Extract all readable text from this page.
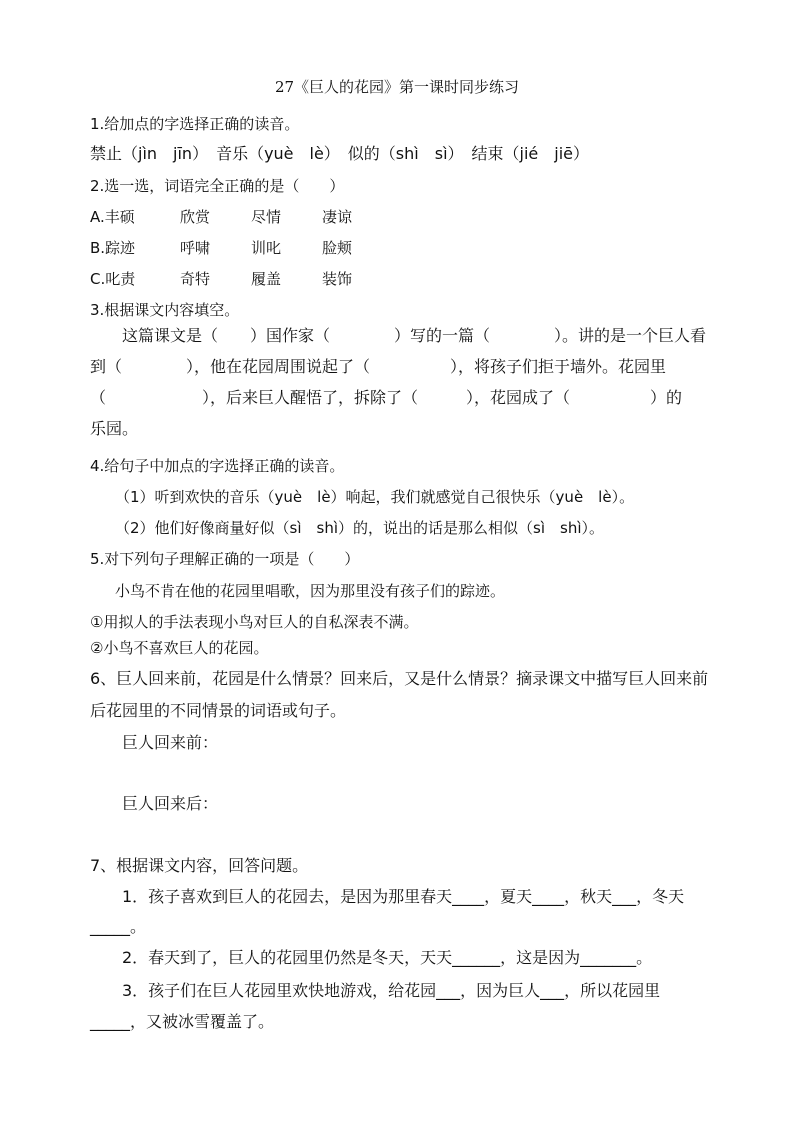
27《巨人的花园》第一课时同步练习

1.给加点的字选择正确的读音。

禁止（jìn　jīn）　音乐（yuè　lè）　似的（shì　sì）　结束（jié　jiē）

2.选一选，词语完全正确的是（　　）

A.丰硕	欣赏	尽情	凄谅

B.踪迹	呼啸	训叱	脸颊

C.叱责	奇特	履盖	装饰

3.根据课文内容填空。

　　这篇课文是（　　）国作家（　　　　）写的一篇（　　　　）。讲的是一个巨人看

到（　　　　），他在花园周围说起了（　　　　　），将孩子们拒于墙外。花园里

（　　　　　　），后来巨人醒悟了，拆除了（　　　），花园成了（　　　　　）的

乐园。

4.给句子中加点的字选择正确的读音。

（1）听到欢快的音乐（yuè　lè）响起，我们就感觉自己很快乐（yuè　lè）。

（2）他们好像商量好似（sì　shì）的，说出的话是那么相似（sì　shì）。

5.对下列句子理解正确的一项是（　　）

小鸟不肯在他的花园里唱歌，因为那里没有孩子们的踪迹。

①用拟人的手法表现小鸟对巨人的自私深表不满。

②小鸟不喜欢巨人的花园。

6、巨人回来前，花园是什么情景？回来后，又是什么情景？摘录课文中描写巨人回来前

后花园里的不同情景的词语或句子。

巨人回来前：

巨人回来后：

7、根据课文内容，回答问题。

　　1．孩子喜欢到巨人的花园去，是因为那里春天____，夏天____，秋天___，冬天

_____。

　　2．春天到了，巨人的花园里仍然是冬天，天天______，这是因为_______。

　　3．孩子们在巨人花园里欢快地游戏，给花园___，因为巨人___，所以花园里

_____，又被冰雪覆盖了。
